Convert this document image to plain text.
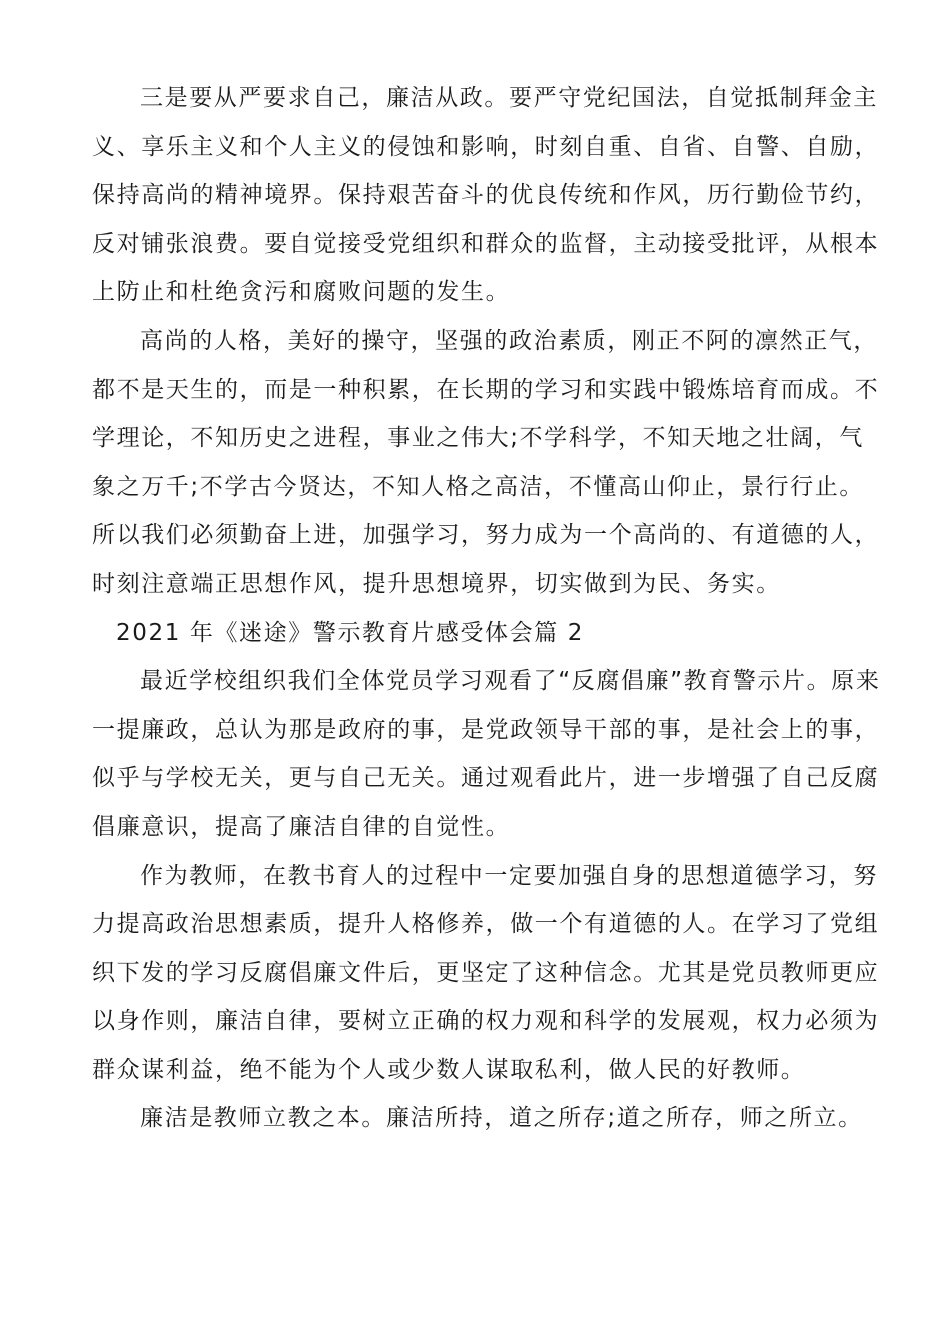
三是要从严要求自己，廉洁从政。要严守党纪国法，自觉抵制拜金主
义、享乐主义和个人主义的侵蚀和影响，时刻自重、自省、自警、自励，
保持高尚的精神境界。保持艰苦奋斗的优良传统和作风，历行勤俭节约，
反对铺张浪费。要自觉接受党组织和群众的监督，主动接受批评，从根本
上防止和杜绝贪污和腐败问题的发生。

高尚的人格，美好的操守，坚强的政治素质，刚正不阿的凛然正气，
都不是天生的，而是一种积累，在长期的学习和实践中锻炼培育而成。不
学理论，不知历史之进程，事业之伟大;不学科学，不知天地之壮阔，气
象之万千;不学古今贤达，不知人格之高洁，不懂高山仰止，景行行止。
所以我们必须勤奋上进，加强学习，努力成为一个高尚的、有道德的人，
时刻注意端正思想作风，提升思想境界，切实做到为民、务实。

2021 年《迷途》警示教育片感受体会篇 2

最近学校组织我们全体党员学习观看了“反腐倡廉”教育警示片。原来
一提廉政，总认为那是政府的事，是党政领导干部的事，是社会上的事，
似乎与学校无关，更与自己无关。通过观看此片，进一步增强了自己反腐
倡廉意识，提高了廉洁自律的自觉性。

作为教师，在教书育人的过程中一定要加强自身的思想道德学习，努
力提高政治思想素质，提升人格修养，做一个有道德的人。在学习了党组
织下发的学习反腐倡廉文件后，更坚定了这种信念。尤其是党员教师更应
以身作则，廉洁自律，要树立正确的权力观和科学的发展观，权力必须为
群众谋利益，绝不能为个人或少数人谋取私利，做人民的好教师。

廉洁是教师立教之本。廉洁所持，道之所存;道之所存，师之所立。
